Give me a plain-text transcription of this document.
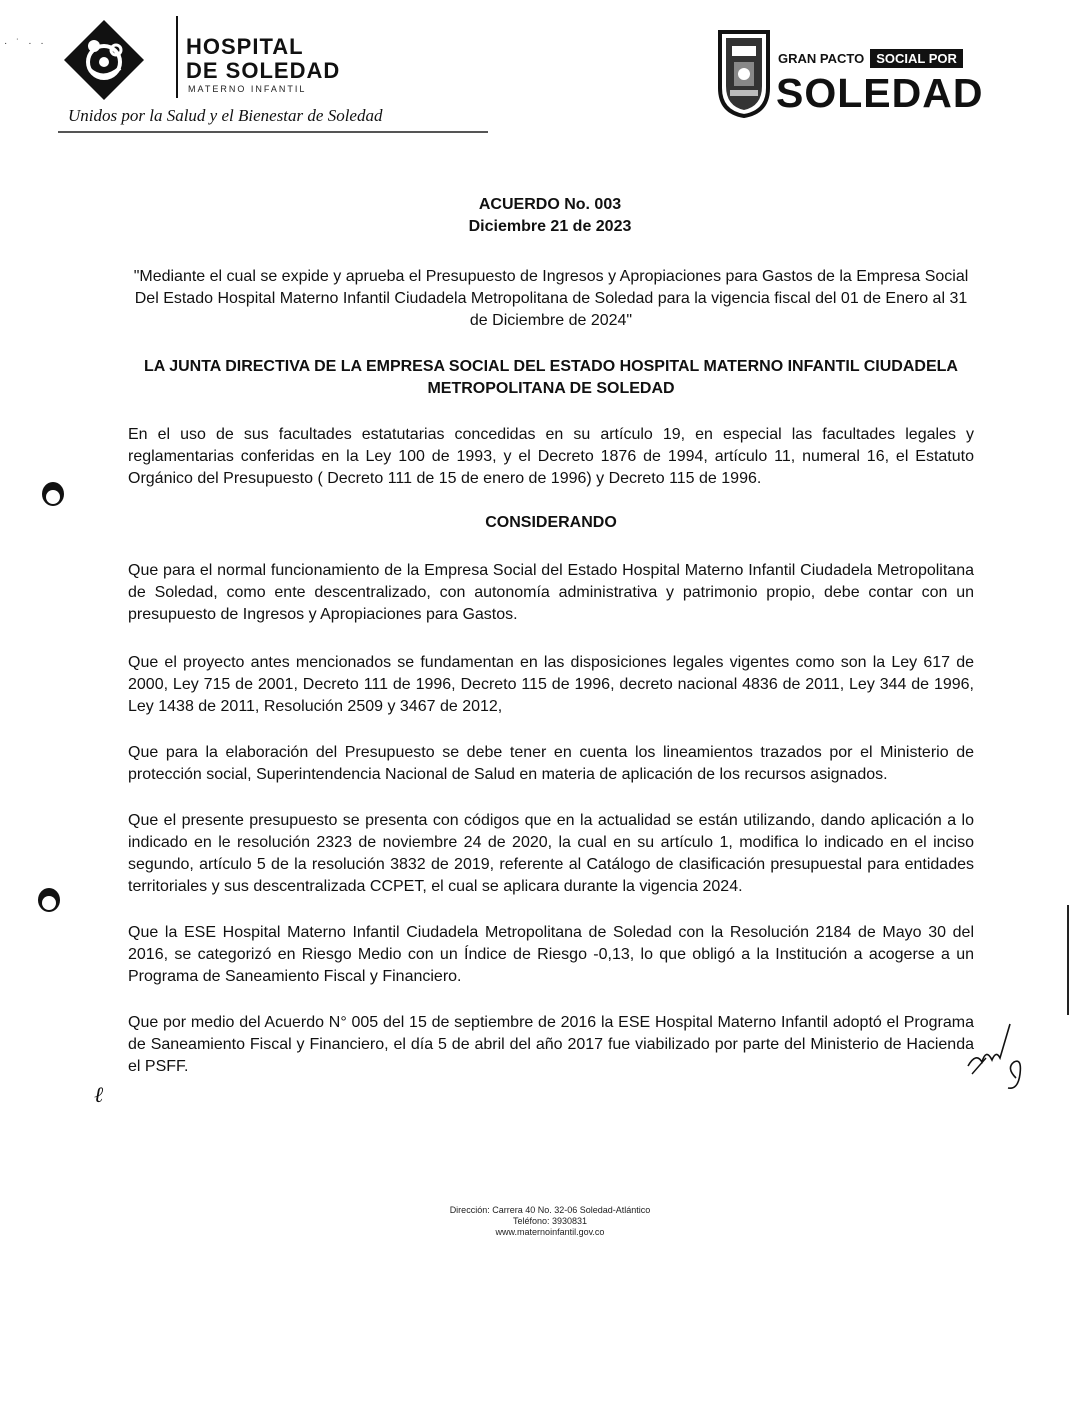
· ˙ · ·	HOSPITAL
DE SOLEDAD
MATERNO INFANTIL
Unidos por la Salud y el Bienestar de Soledad
GRAN PACTO SOCIAL POR
SOLEDAD
ACUERDO No. 003
Diciembre 21 de 2023
"Mediante el cual se expide y aprueba el Presupuesto de Ingresos y Apropiaciones para Gastos de la Empresa Social Del Estado Hospital Materno Infantil Ciudadela Metropolitana de Soledad para la vigencia fiscal del 01 de Enero al 31 de Diciembre de 2024"
LA JUNTA DIRECTIVA DE LA EMPRESA SOCIAL DEL ESTADO HOSPITAL MATERNO INFANTIL CIUDADELA METROPOLITANA DE SOLEDAD
En el uso de sus facultades estatutarias concedidas en su artículo 19, en especial las facultades legales y reglamentarias conferidas en la Ley 100 de 1993, y el Decreto 1876 de 1994, artículo 11, numeral 16, el Estatuto Orgánico del Presupuesto ( Decreto 111 de 15 de enero de 1996) y Decreto 115 de 1996.
CONSIDERANDO
Que para el normal funcionamiento de la Empresa Social del Estado Hospital Materno Infantil Ciudadela Metropolitana de Soledad, como ente descentralizado, con autonomía administrativa y patrimonio propio, debe contar con un presupuesto de Ingresos y Apropiaciones para Gastos.
Que el proyecto antes mencionados se fundamentan en las disposiciones legales vigentes como son la Ley 617 de 2000, Ley 715 de 2001, Decreto 111 de 1996, Decreto 115 de 1996, decreto nacional 4836 de 2011, Ley 344 de 1996, Ley 1438 de 2011, Resolución 2509 y 3467 de 2012,
Que para la elaboración del Presupuesto se debe tener en cuenta los lineamientos trazados por el Ministerio de protección social, Superintendencia Nacional de Salud en materia de aplicación de los recursos asignados.
Que el presente presupuesto se presenta con códigos que en la actualidad se están utilizando, dando aplicación a lo indicado en le resolución 2323 de noviembre 24 de 2020, la cual en su artículo 1, modifica lo indicado en el inciso segundo, artículo 5 de la resolución 3832 de 2019, referente al Catálogo de clasificación presupuestal para entidades territoriales y sus descentralizada CCPET, el cual se aplicara durante la vigencia 2024.
Que la ESE Hospital Materno Infantil Ciudadela Metropolitana de Soledad con la Resolución 2184 de Mayo 30 del 2016, se categorizó en Riesgo Medio con un Índice de Riesgo -0,13, lo que obligó a la Institución a acogerse a un Programa de Saneamiento Fiscal y Financiero.
Que por medio del Acuerdo N° 005 del 15 de septiembre de 2016 la ESE Hospital Materno Infantil adoptó el Programa de Saneamiento Fiscal y Financiero, el día 5 de abril del año 2017 fue viabilizado por parte del Ministerio de Hacienda el PSFF.
ℓ
Dirección: Carrera 40 No. 32-06 Soledad-Atlántico
Teléfono: 3930831
www.maternoinfantil.gov.co
